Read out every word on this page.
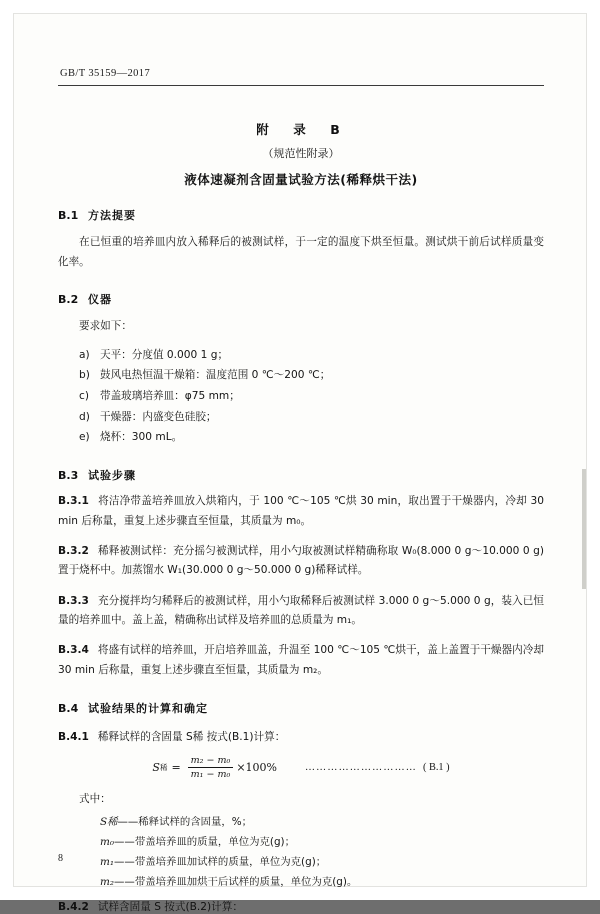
GB/T 35159—2017
附　录　B
（规范性附录）
液体速凝剂含固量试验方法(稀释烘干法)
B.1 方法提要

在已恒重的培养皿内放入稀释后的被测试样，于一定的温度下烘至恒量。测试烘干前后试样质量变化率。

B.2 仪器

要求如下：

a) 天平：分度值 0.000 1 g；
b) 鼓风电热恒温干燥箱：温度范围 0 ℃～200 ℃；
c) 带盖玻璃培养皿：φ75 mm；
d) 干燥器：内盛变色硅胶；
e) 烧杯：300 mL。
B.3 试验步骤

B.3.1 将洁净带盖培养皿放入烘箱内，于 100 ℃～105 ℃烘 30 min，取出置于干燥器内，冷却 30 min 后称量，重复上述步骤直至恒量，其质量为 m₀。

B.3.2 稀释被测试样：充分摇匀被测试样，用小勺取被测试样精确称取 W₀(8.000 0 g～10.000 0 g)置于烧杯中。加蒸馏水 W₁(30.000 0 g～50.000 0 g)稀释试样。

B.3.3 充分搅拌均匀稀释后的被测试样，用小勺取稀释后被测试样 3.000 0 g～5.000 0 g，装入已恒量的培养皿中。盖上盖，精确称出试样及培养皿的总质量为 m₁。

B.3.4 将盛有试样的培养皿，开启培养皿盖，升温至 100 ℃～105 ℃烘干，盖上盖置于干燥器内冷却 30 min 后称量，重复上述步骤直至恒量，其质量为 m₂。

B.4 试验结果的计算和确定
B.4.1 稀释试样的含固量 S稀 按式(B.1)计算：
S 稀 = $\frac{\text{m₂ − m₀}}{\text{m₁ − m₀}} \times 100\%$	………………………… ( B.1 )
式中：
S稀——稀释试样的含固量，%；
m₀——带盖培养皿的质量，单位为克(g)；
m₁——带盖培养皿加试样的质量，单位为克(g)；
m₂——带盖培养皿加烘干后试样的质量，单位为克(g)。
B.4.2 试样含固量 S 按式(B.2)计算：
8
